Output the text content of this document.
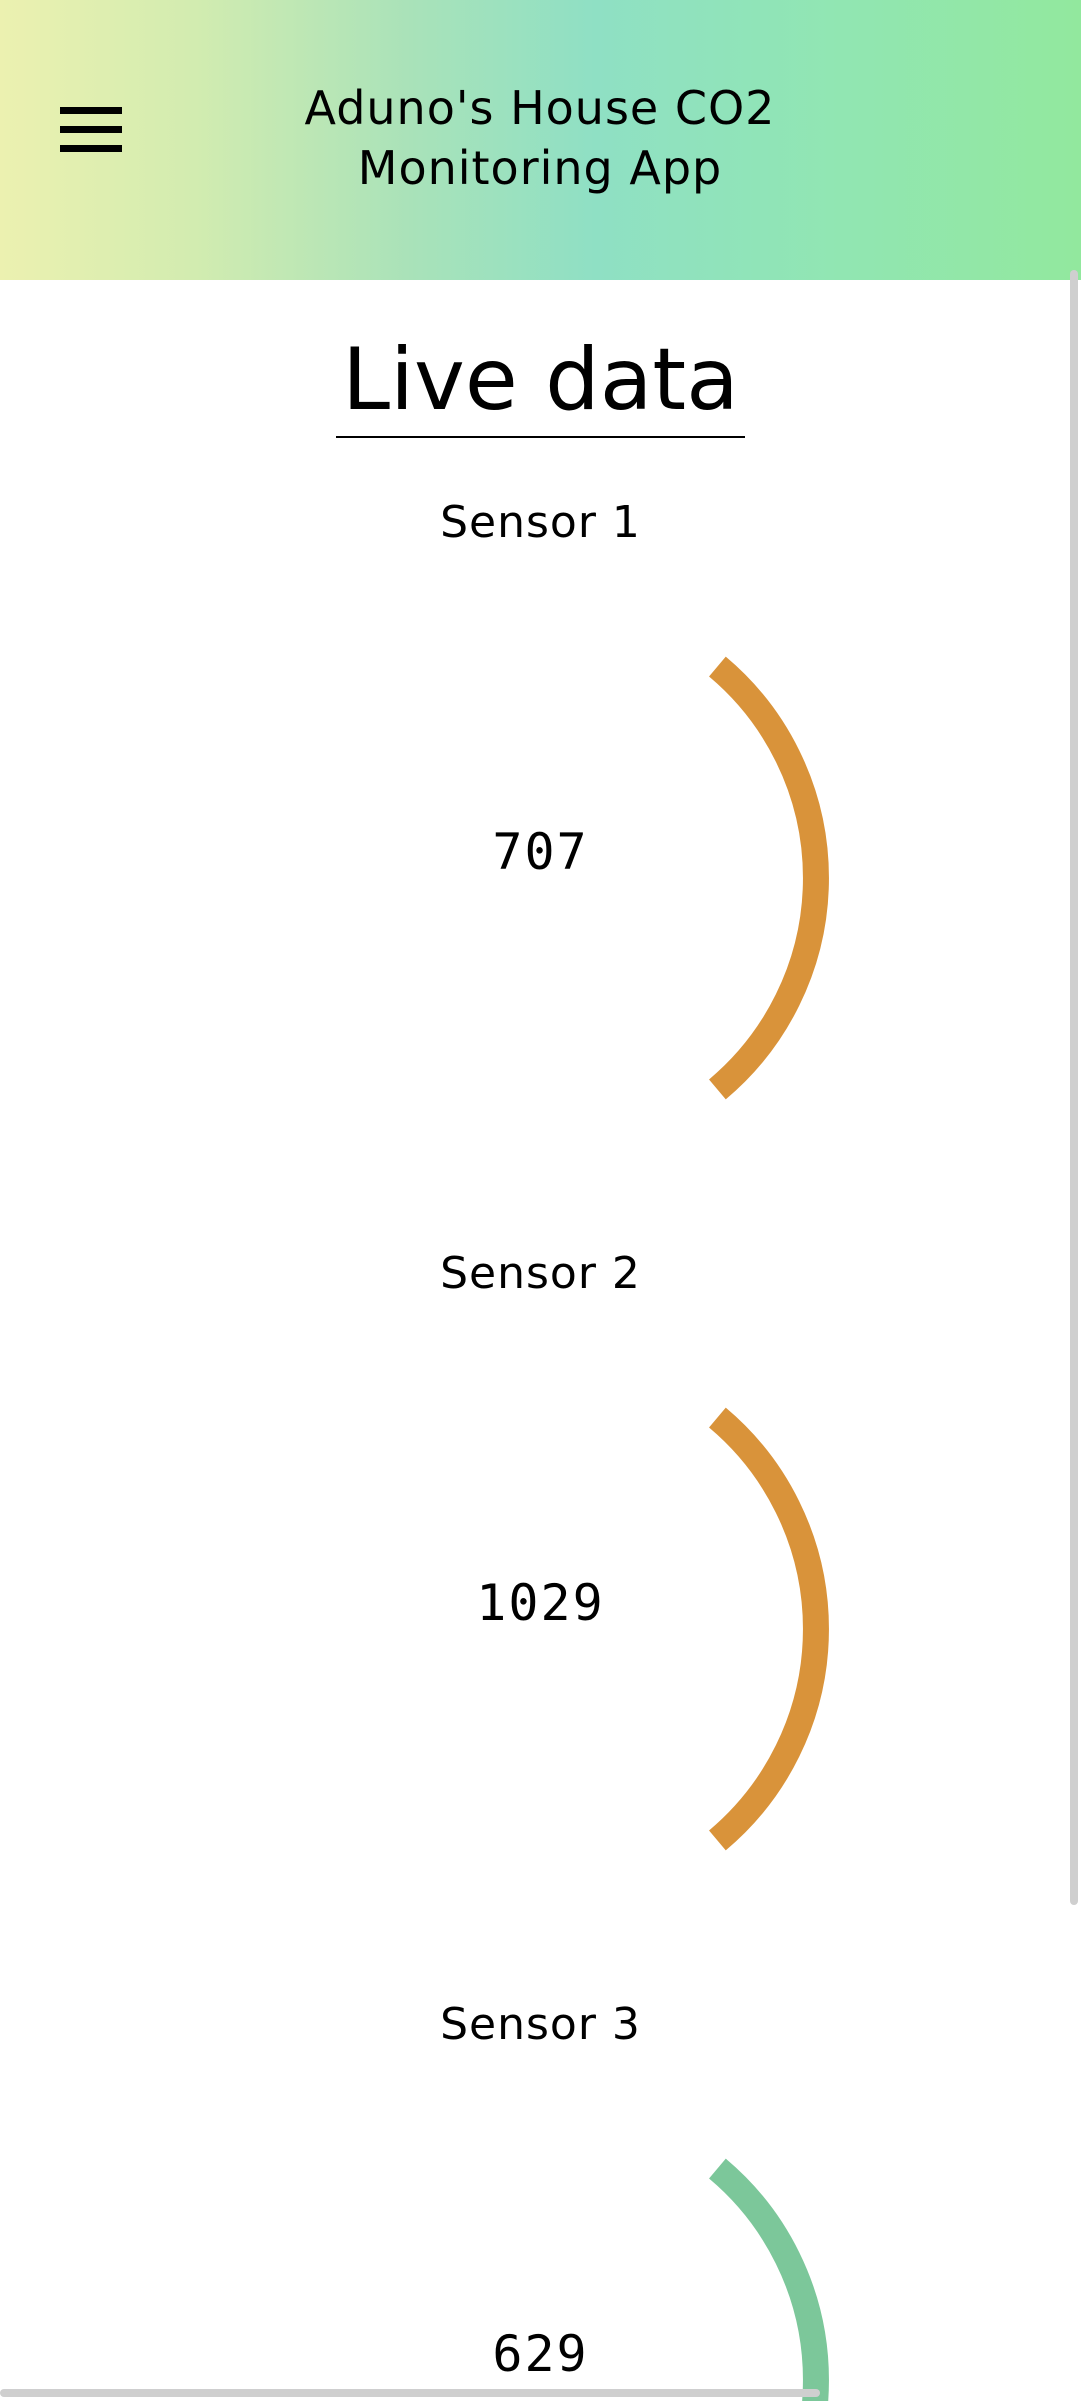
Aduno's House CO2 Monitoring App
Live data
Sensor 1
707
Sensor 2
1029
Sensor 3
629
